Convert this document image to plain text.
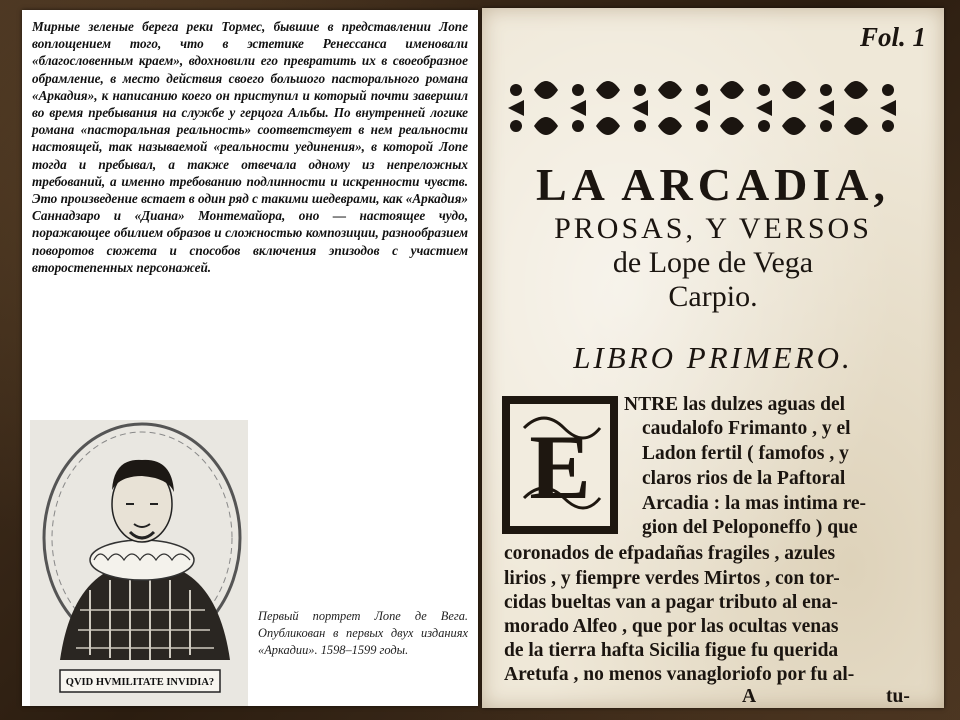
Мирные зеленые берега реки Тормес, бывшие в представлении Лопе воплощением того, что в эстетике Ренессанса именовали «благословенным краем», вдохновили его превратить их в своеобразное обрамление, в место действия своего большого пасторального романа «Аркадия», к написанию коего он приступил и который почти завершил во время пребывания на службе у герцога Альбы. По внутренней логике романа «пасторальная реальность» соответствует в нем реальности настоящей, так называемой «реальности уединения», в которой Лопе тогда и пребывал, а также отвечала одному из непреложных требований, а именно требованию подлинности и искренности чувств. Это произведение встает в один ряд с такими шедеврами, как «Аркадия» Саннадзаро и «Диана» Монтемайора, оно — настоящее чудо, поражающее обилием образов и сложностью композиции, разнообразием поворотов сюжета и способов включения эпизодов с участием второстепенных персонажей.
QVID HVMILITATE INVIDIA?
Первый портрет Лопе де Вега. Опубликован в первых двух изданиях «Аркадии». 1598–1599 годы.
Fol. 1
LA ARCADIA,
PROSAS, Y VERSOS
de Lope de Vega
Carpio.
LIBRO PRIMERO.
E
NTRE las dulzes aguas del
caudalofo Frimanto , y el
Ladon fertil ( famofos , y
claros rios de la Paftoral
Arcadia : la mas intima re-
gion del Peloponeffo ) que
coronados de efpadañas fragiles , azules
lirios , y fiempre verdes Mirtos , con tor-
cidas bueltas van a pagar tributo al ena-
morado Alfeo , que por las ocultas venas
de la tierra hafta Sicilia figue fu querida
Aretufa , no menos vanagloriofo por fu al-
A	tu-
